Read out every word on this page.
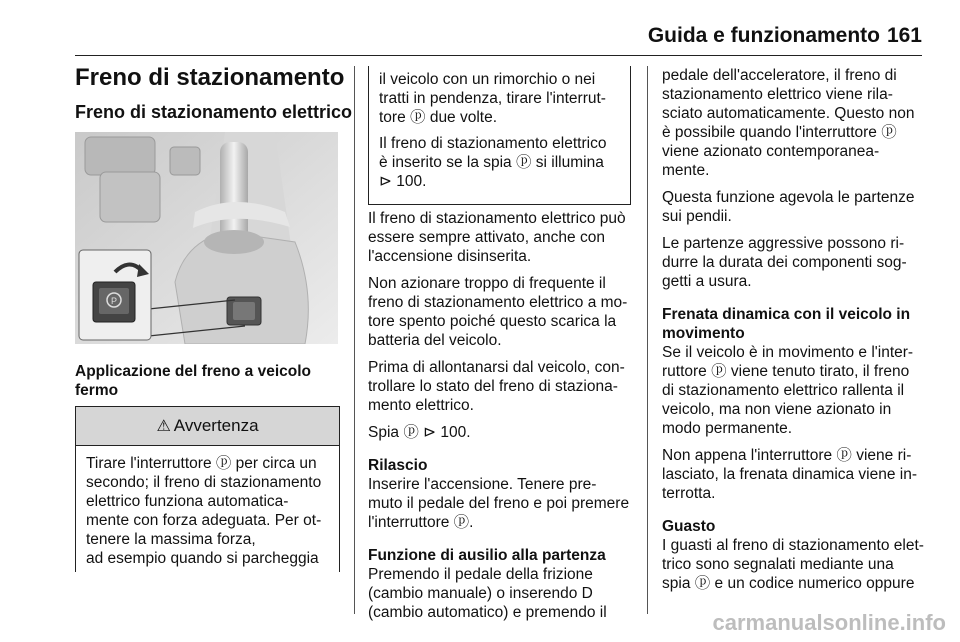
Guida e funzionamento 161
Freno di stazionamento
Freno di stazionamento elettrico
P

Applicazione del freno a veicolo
fermo

⚠ Avvertenza
Tirare l'interruttore ⓟ per circa un
secondo; il freno di stazionamento
elettrico funziona automatica-
mente con forza adeguata. Per ot-
tenere la massima forza,
ad esempio quando si parcheggia

il veicolo con un rimorchio o nei
tratti in pendenza, tirare l'interrut-
tore ⓟ due volte.

Il freno di stazionamento elettrico
è inserito se la spia ⓟ si illumina
⊳ 100.

Il freno di stazionamento elettrico può
essere sempre attivato, anche con
l'accensione disinserita.

Non azionare troppo di frequente il
freno di stazionamento elettrico a mo-
tore spento poiché questo scarica la
batteria del veicolo.

Prima di allontanarsi dal veicolo, con-
trollare lo stato del freno di staziona-
mento elettrico.

Spia ⓟ ⊳ 100.

Rilascio

Inserire l'accensione. Tenere pre-
muto il pedale del freno e poi premere
l'interruttore ⓟ.

Funzione di ausilio alla partenza

Premendo il pedale della frizione
(cambio manuale) o inserendo D
(cambio automatico) e premendo il

pedale dell'acceleratore, il freno di
stazionamento elettrico viene rila-
sciato automaticamente. Questo non
è possibile quando l'interruttore ⓟ
viene azionato contemporanea-
mente.

Questa funzione agevola le partenze
sui pendii.

Le partenze aggressive possono ri-
durre la durata dei componenti sog-
getti a usura.

Frenata dinamica con il veicolo in
movimento

Se il veicolo è in movimento e l'inter-
ruttore ⓟ viene tenuto tirato, il freno
di stazionamento elettrico rallenta il
veicolo, ma non viene azionato in
modo permanente.

Non appena l'interruttore ⓟ viene ri-
lasciato, la frenata dinamica viene in-
terrotta.

Guasto

I guasti al freno di stazionamento elet-
trico sono segnalati mediante una
spia ⓟ e un codice numerico oppure

carmanualsonline.info
